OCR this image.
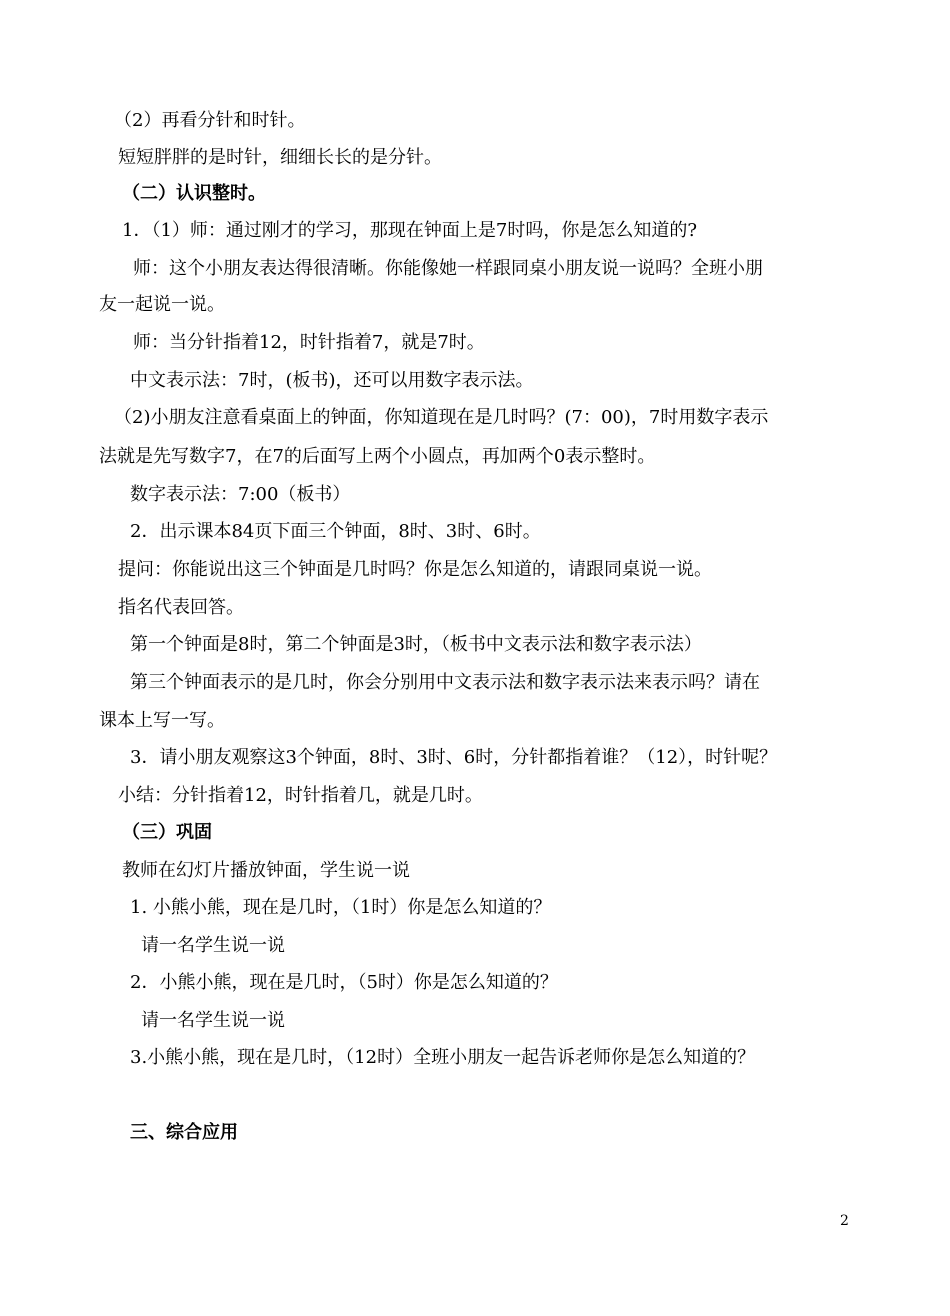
（2）再看分针和时针。
短短胖胖的是时针，细细长长的是分针。
（二）认识整时。
1．（1）师：通过刚才的学习，那现在钟面上是7时吗，你是怎么知道的?
师：这个小朋友表达得很清晰。你能像她一样跟同桌小朋友说一说吗？全班小朋
友一起说一说。
师：当分针指着12，时针指着7，就是7时。
中文表示法：7时，(板书)，还可以用数字表示法。
（2)小朋友注意看桌面上的钟面，你知道现在是几时吗？(7：00)，7时用数字表示
法就是先写数字7，在7的后面写上两个小圆点，再加两个0表示整时。
数字表示法：7:00（板书）
2．出示课本84页下面三个钟面，8时、3时、6时。
提问：你能说出这三个钟面是几时吗？你是怎么知道的，请跟同桌说一说。
指名代表回答。
第一个钟面是8时，第二个钟面是3时，（板书中文表示法和数字表示法）
第三个钟面表示的是几时，你会分别用中文表示法和数字表示法来表示吗？请在
课本上写一写。
3．请小朋友观察这3个钟面，8时、3时、6时，分针都指着谁？（12），时针呢？
小结：分针指着12，时针指着几，就是几时。
（三）巩固
教师在幻灯片播放钟面，学生说一说
1. 小熊小熊，现在是几时，（1时）你是怎么知道的？
请一名学生说一说
2．小熊小熊，现在是几时，（5时）你是怎么知道的？
请一名学生说一说
3.小熊小熊，现在是几时，（12时）全班小朋友一起告诉老师你是怎么知道的？
三、综合应用
2
